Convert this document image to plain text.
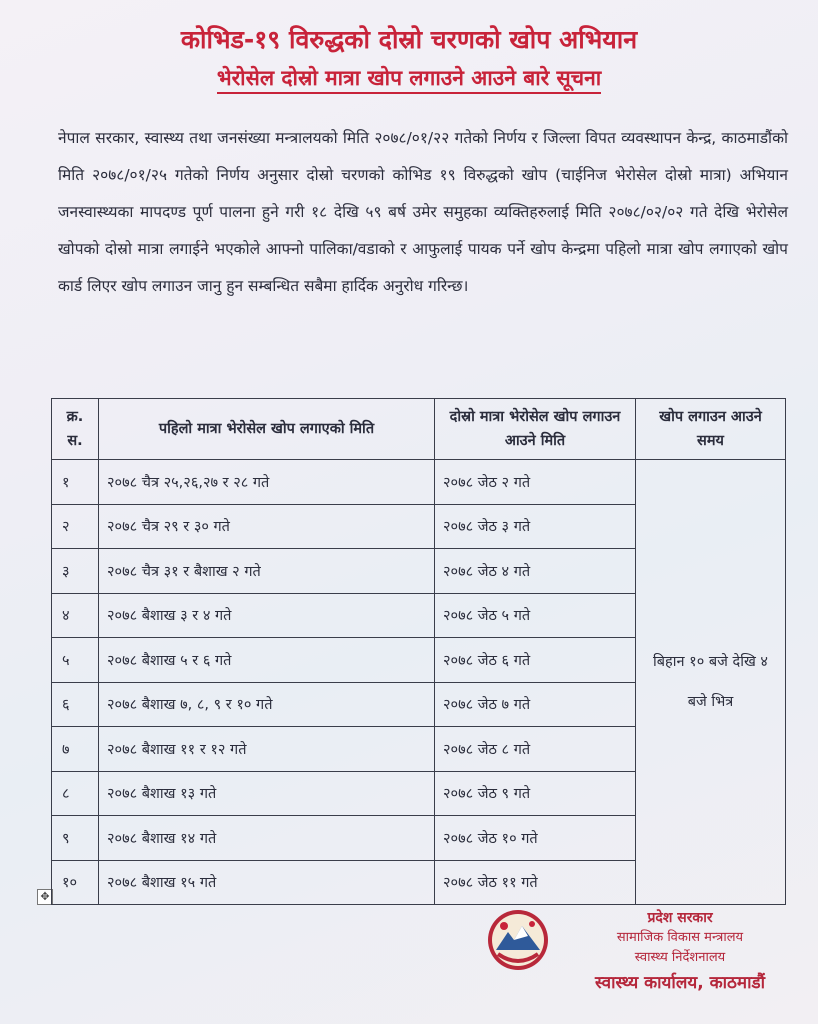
कोभिड-१९ विरुद्धको दोस्रो चरणको खोप अभियान
भेरोसेल दोस्रो मात्रा खोप लगाउने आउने बारे सूचना
नेपाल सरकार, स्वास्थ्य तथा जनसंख्या मन्त्रालयको मिति २०७८/०१/२२ गतेको निर्णय र जिल्ला विपत व्यवस्थापन केन्द्र, काठमाडौंको मिति २०७८/०१/२५ गतेको निर्णय अनुसार दोस्रो चरणको कोभिड १९ विरुद्धको खोप (चाईनिज भेरोसेल दोस्रो मात्रा) अभियान जनस्वास्थ्यका मापदण्ड पूर्ण पालना हुने गरी १८ देखि ५९ बर्ष उमेर समुहका व्यक्तिहरुलाई मिति २०७८/०२/०२ गते देखि भेरोसेल खोपको दोस्रो मात्रा लगाईने भएकोले आफ्नो पालिका/वडाको र आफुलाई पायक पर्ने खोप केन्द्रमा पहिलो मात्रा खोप लगाएको खोप कार्ड लिएर खोप लगाउन जानु हुन सम्बन्धित सबैमा हार्दिक अनुरोध गरिन्छ।
✥
क्र. स.	पहिलो मात्रा भेरोसेल खोप लगाएको मिति	दोस्रो मात्रा भेरोसेल खोप लगाउन आउने मिति	खोप लगाउन आउने समय
१	२०७८ चैत्र २५,२६,२७ र २८ गते	२०७८ जेठ २ गते	बिहान १० बजे देखि ४ बजे भित्र
२	२०७८ चैत्र २९ र ३० गते	२०७८ जेठ ३ गते	
३	२०७८ चैत्र ३१ र बैशाख २ गते	२०७८ जेठ ४ गते	
४	२०७८ बैशाख ३ र ४ गते	२०७८ जेठ ५ गते	
५	२०७८ बैशाख ५ र ६ गते	२०७८ जेठ ६ गते	
६	२०७८ बैशाख ७, ८, ९ र १० गते	२०७८ जेठ ७ गते	
७	२०७८ बैशाख ११ र १२ गते	२०७८ जेठ ८ गते	
८	२०७८ बैशाख १३ गते	२०७८ जेठ ९ गते	
९	२०७८ बैशाख १४ गते	२०७८ जेठ १० गते	
१०	२०७८ बैशाख १५ गते	२०७८ जेठ ११ गते	
प्रदेश सरकार
सामाजिक विकास मन्त्रालय
स्वास्थ्य निर्देशनालय
स्वास्थ्य कार्यालय, काठमाडौं
